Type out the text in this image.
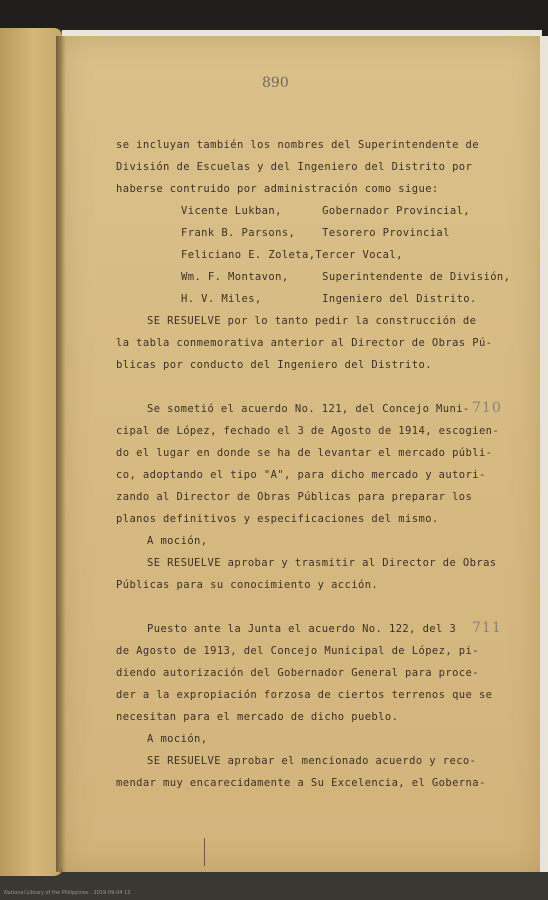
890
se incluyan también los nombres del Superintendente de
División de Escuelas y del Ingeniero del Distrito por
haberse contruido por administración como sigue:
Vicente Lukban,      Gobernador Provincial,
Frank B. Parsons,    Tesorero Provincial
Feliciano E. Zoleta,Tercer Vocal,
Wm. F. Montavon,     Superintendente de División,
H. V. Miles,         Ingeniero del Distrito.
SE RESUELVE por lo tanto pedir la construcción de
la tabla conmemorativa anterior al Director de Obras Pú-
blicas por conducto del Ingeniero del Distrito.
Se sometió el acuerdo No. 121, del Concejo Muni- 710
cipal de López, fechado el 3 de Agosto de 1914, escogien-
do el lugar en donde se ha de levantar el mercado públi-
co, adoptando el tipo "A", para dicho mercado y autori-
zando al Director de Obras Públicas para preparar los
planos definitivos y especificaciones del mismo.
A moción,
SE RESUELVE aprobar y trasmitir al Director de Obras
Públicas para su conocimiento y acción.
Puesto ante la Junta el acuerdo No. 122, del 3 711
de Agosto de 1913, del Concejo Municipal de López, pi-
diendo autorización del Gobernador General para proce-
der a la expropiación forzosa de ciertos terrenos que se
necesitan para el mercado de dicho pueblo.
A moción,
SE RESUELVE aprobar el mencionado acuerdo y reco-
mendar muy encarecidamente a Su Excelencia, el Goberna-
National Library of the Philippines · 2019-09-04 13
